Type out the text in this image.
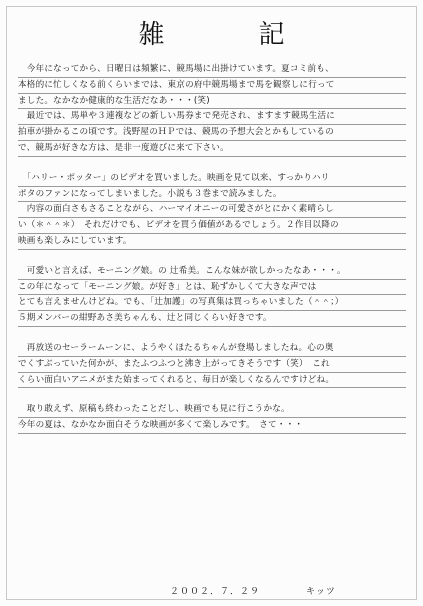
雑　記
　今年になってから、日曜日は頻繁に、競馬場に出掛けています。夏コミ前も、
本格的に忙しくなる前くらいまでは、東京の府中競馬場まで馬を観察しに行って
ました。なかなか健康的な生活だなあ・・・(笑)
　最近では、馬単や３連複などの新しい馬券まで発売され、ますます競馬生活に
拍車が掛かるこの頃です。浅野屋のＨＰでは、競馬の予想大会とかもしているの
で、競馬が好きな方は、是非一度遊びに来て下さい。
　「ハリー・ポッター」のビデオを買いました。映画を見て以来、すっかりハリ
ポタのファンになってしまいました。小説も３巻まで読みました。
　内容の面白さもさることながら、ハーマイオニーの可愛さがとにかく素晴らし
い（＊＾＾＊）　それだけでも、ビデオを買う価値があるでしょう。２作目以降の
映画も楽しみにしています。
　可愛いと言えば、モーニング娘。の 辻希美。こんな妹が欲しかったなあ・・・。
この年になって「モーニング娘。が好き」とは、恥ずかしくて大きな声では
とても言えませんけどね。でも、「辻加護」の写真集は買っちゃいました（＾＾；）
５期メンバーの紺野あさ美ちゃんも、辻と同じくらい好きです。
　再放送のセーラームーンに、ようやくほたるちゃんが登場しましたね。心の奥
でくすぶっていた何かが、またふつふつと沸き上がってきそうです（笑）　これ
くらい面白いアニメがまた始まってくれると、毎日が楽しくなるんですけどね。
　取り敢えず、原稿も終わったことだし、映画でも見に行こうかな。
今年の夏は、なかなか面白そうな映画が多くて楽しみです。　さて・・・
２００２．７．２９	キッツ
